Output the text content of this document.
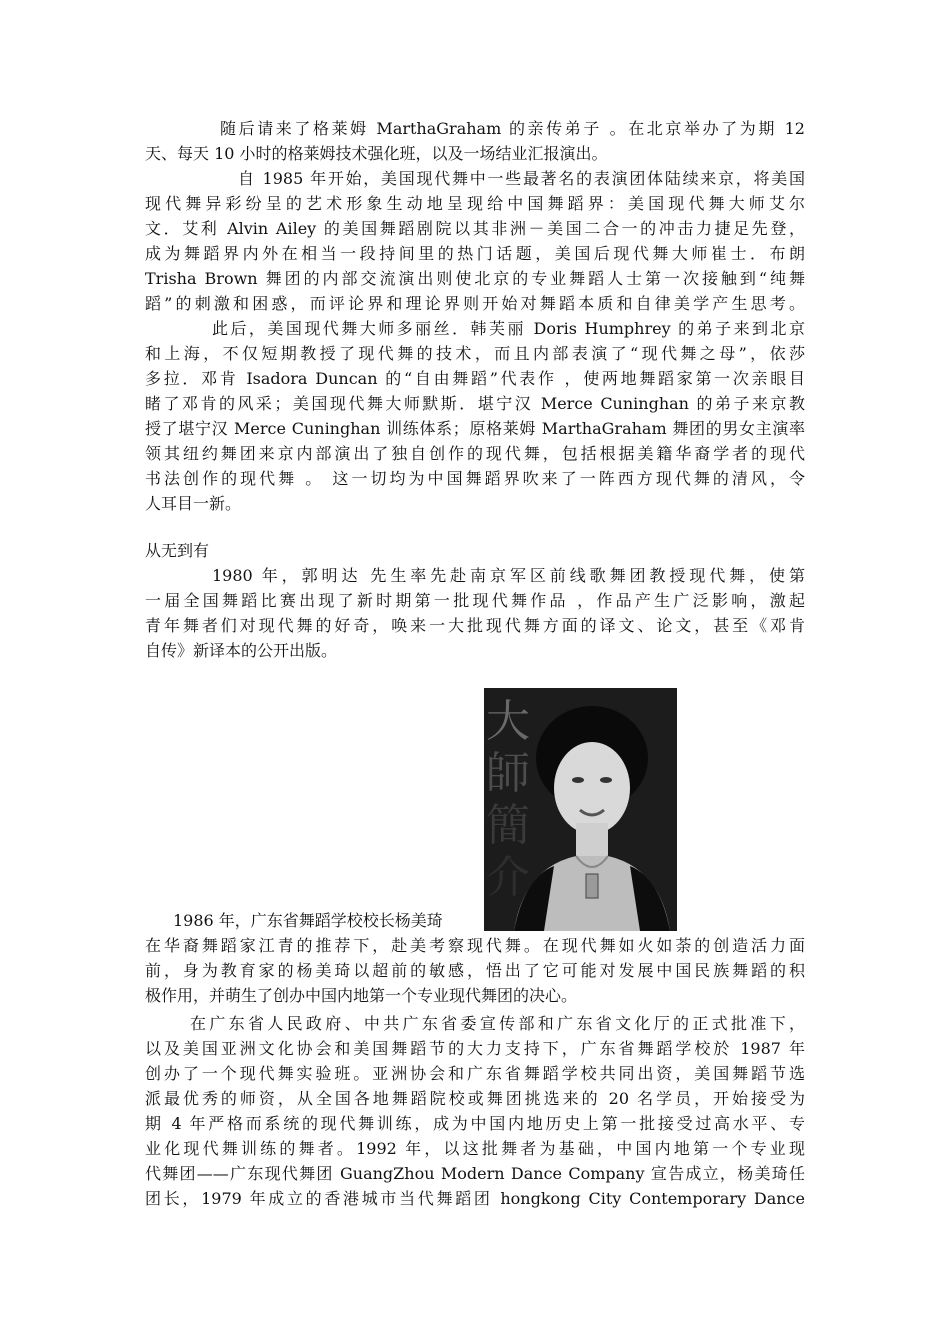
随后请来了格莱姆 MarthaGraham 的亲传弟子 。在北京举办了为期 12
天、每天 10 小时的格莱姆技术强化班，以及一场结业汇报演出。
自 1985 年开始，美国现代舞中一些最著名的表演团体陆续来京，将美国
现代舞异彩纷呈的艺术形象生动地呈现给中国舞蹈界：美国现代舞大师艾尔
文．艾利 Alvin Ailey 的美国舞蹈剧院以其非洲－美国二合一的冲击力捷足先登，
成为舞蹈界内外在相当一段持间里的热门话题，美国后现代舞大师崔士．布朗
Trisha Brown 舞团的内部交流演出则使北京的专业舞蹈人士第一次接触到“纯舞
蹈”的刺激和困惑，而评论界和理论界则开始对舞蹈本质和自律美学产生思考。
此后，美国现代舞大师多丽丝．韩芙丽 Doris Humphrey 的弟子来到北京
和上海，不仅短期教授了现代舞的技术，而且内部表演了“现代舞之母”，依莎
多拉．邓肯 Isadora Duncan 的“自由舞蹈”代表作 ，使两地舞蹈家第一次亲眼目
睹了邓肯的风采；美国现代舞大师默斯．堪宁汉 Merce Cuninghan 的弟子来京教
授了堪宁汉 Merce Cuninghan 训练体系；原格莱姆 MarthaGraham 舞团的男女主演率
领其纽约舞团来京内部演出了独自创作的现代舞，包括根据美籍华裔学者的现代
书法创作的现代舞 。 这一切均为中国舞蹈界吹来了一阵西方现代舞的清风，令
人耳目一新。
从无到有
1980 年，郭明达 先生率先赴南京军区前线歌舞团教授现代舞，使第
一届全国舞蹈比赛出现了新时期第一批现代舞作品 ，作品产生广泛影响，激起
青年舞者们对现代舞的好奇，唤来一大批现代舞方面的译文、论文，甚至《邓肯
自传》新译本的公开出版。
大
師
簡
介
1986 年，广东省舞蹈学校校长杨美琦
在华裔舞蹈家江青的推荐下，赴美考察现代舞。在现代舞如火如荼的创造活力面
前，身为教育家的杨美琦以超前的敏感，悟出了它可能对发展中国民族舞蹈的积
极作用，并萌生了创办中国内地第一个专业现代舞团的决心。
在广东省人民政府、中共广东省委宣传部和广东省文化厅的正式批准下，
以及美国亚洲文化协会和美国舞蹈节的大力支持下，广东省舞蹈学校於 1987 年
创办了一个现代舞实验班。亚洲协会和广东省舞蹈学校共同出资，美国舞蹈节选
派最优秀的师资，从全国各地舞蹈院校或舞团挑选来的 20 名学员，开始接受为
期 4 年严格而系统的现代舞训练，成为中国内地历史上第一批接受过高水平、专
业化现代舞训练的舞者。1992 年，以这批舞者为基础，中国内地第一个专业现
代舞团——广东现代舞团 GuangZhou Modern Dance Company 宣告成立，杨美琦任
团长，1979 年成立的香港城市当代舞蹈团 hongkong City Contemporary Dance
